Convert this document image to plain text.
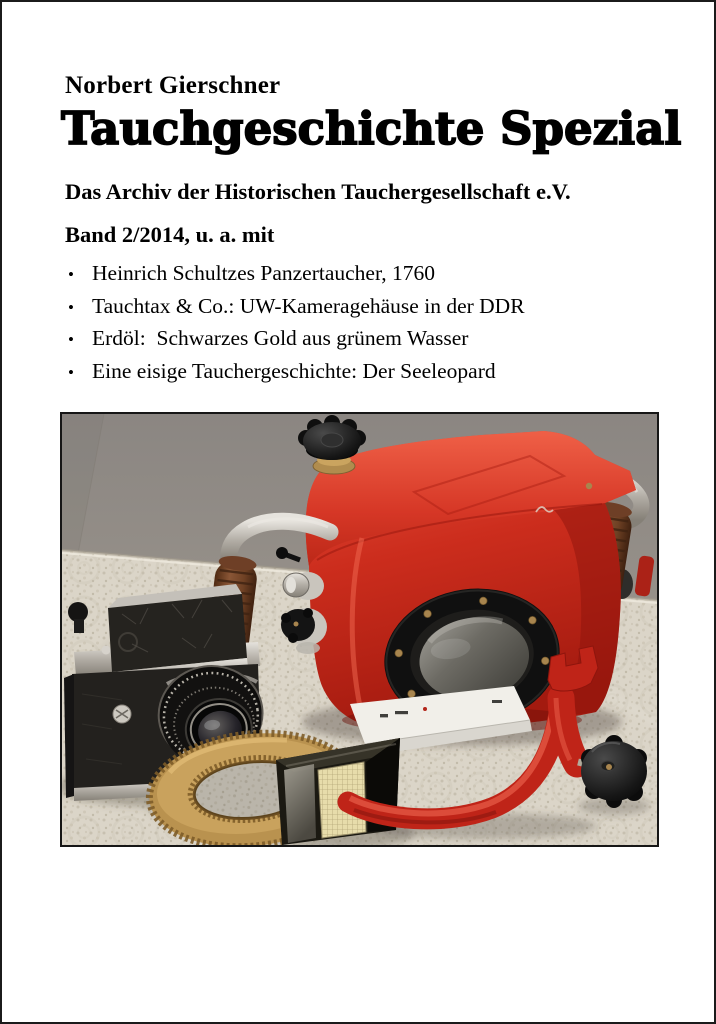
Norbert Gierschner
Tauchgeschichte Spezial
Das Archiv der Historischen Tauchergesellschaft e.V.
Band 2/2014, u. a. mit
• Heinrich Schultzes Panzertaucher, 1760
• Tauchtax & Co.: UW-Kameragehäuse in der DDR
• Erdöl:  Schwarzes Gold aus grünem Wasser
• Eine eisige Tauchergeschichte: Der Seeleopard
